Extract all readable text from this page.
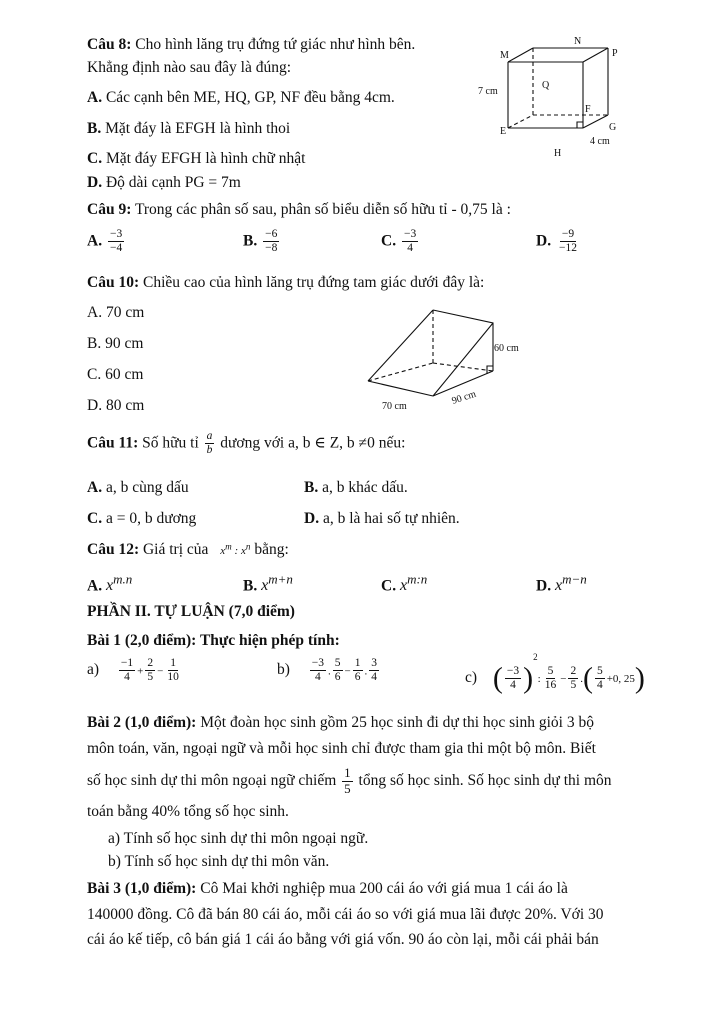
Câu 8: Cho hình lăng trụ đứng tứ giác như hình bên.
Khẳng định nào sau đây là đúng:
A. Các cạnh bên ME, HQ, GP, NF đều bằng 4cm.
B. Mặt đáy là EFGH là hình thoi
C. Mặt đáy EFGH là hình chữ nhật
D. Độ dài cạnh PG = 7m
M
N
P
Q
E
F
G
H
7 cm
4 cm
Câu 9: Trong các phân số sau, phân số biểu diễn số hữu tỉ - 0,75 là :
A. $\frac{-3}{-4}$	B. $\frac{-6}{-8}$	C. $\frac{-3}{4}$	D. $\frac{-9}{-12}$
Câu 10: Chiều cao của hình lăng trụ đứng tam giác dưới đây là:
A. 70 cm
B. 90 cm
C. 60 cm
D. 80 cm
60 cm
70 cm	90 cm
Câu 11: Số hữu tỉ $\frac{a}{b}$ dương với a, b ∈ Z, b ≠0 nếu:
A. a, b cùng dấu	B. a, b khác dấu.
C. a = 0, b dương	D. a, b là hai số tự nhiên.
Câu 12: Giá trị của $x^m$ : $x^n$ bằng:
A. $x^{m.n}$	B. $x^{m+n}$	C. $x^{m:n}$	D. $x^{m-n}$
PHẦN II. TỰ LUẬN (7,0 điểm)
Bài 1 (2,0 điểm): Thực hiện phép tính:
$a) \frac{-1}{4} + \frac{2}{5} - \frac{1}{10}$	$b) \frac{-3}{4}$ . $\frac{5}{6} - \frac{1}{6}$ . $\frac{3}{4}$	c) ( $\frac{-3}{4} )^2$: $\frac{5}{16} - \frac{2}{5}$ .( $\frac{5}{4} +0$, 25)
Bài 2 (1,0 điểm): Một đoàn học sinh gồm 25 học sinh đi dự thi học sinh giỏi 3 bộ
môn toán, văn, ngoại ngữ và mỗi học sinh chỉ được tham gia thi một bộ môn. Biết
số học sinh dự thi môn ngoại ngữ chiếm $\frac{1}{5}$ tổng số học sinh. Số học sinh dự thi môn
toán bằng 40% tổng số học sinh.
a) Tính số học sinh dự thi môn ngoại ngữ.
b) Tính số học sinh dự thi môn văn.
Bài 3 (1,0 điểm): Cô Mai khởi nghiệp mua 200 cái áo với giá mua 1 cái áo là
140000 đồng. Cô đã bán 80 cái áo, mỗi cái áo so với giá mua lãi được 20%. Với 30
cái áo kế tiếp, cô bán giá 1 cái áo bằng với giá vốn. 90 áo còn lại, mỗi cái phải bán
